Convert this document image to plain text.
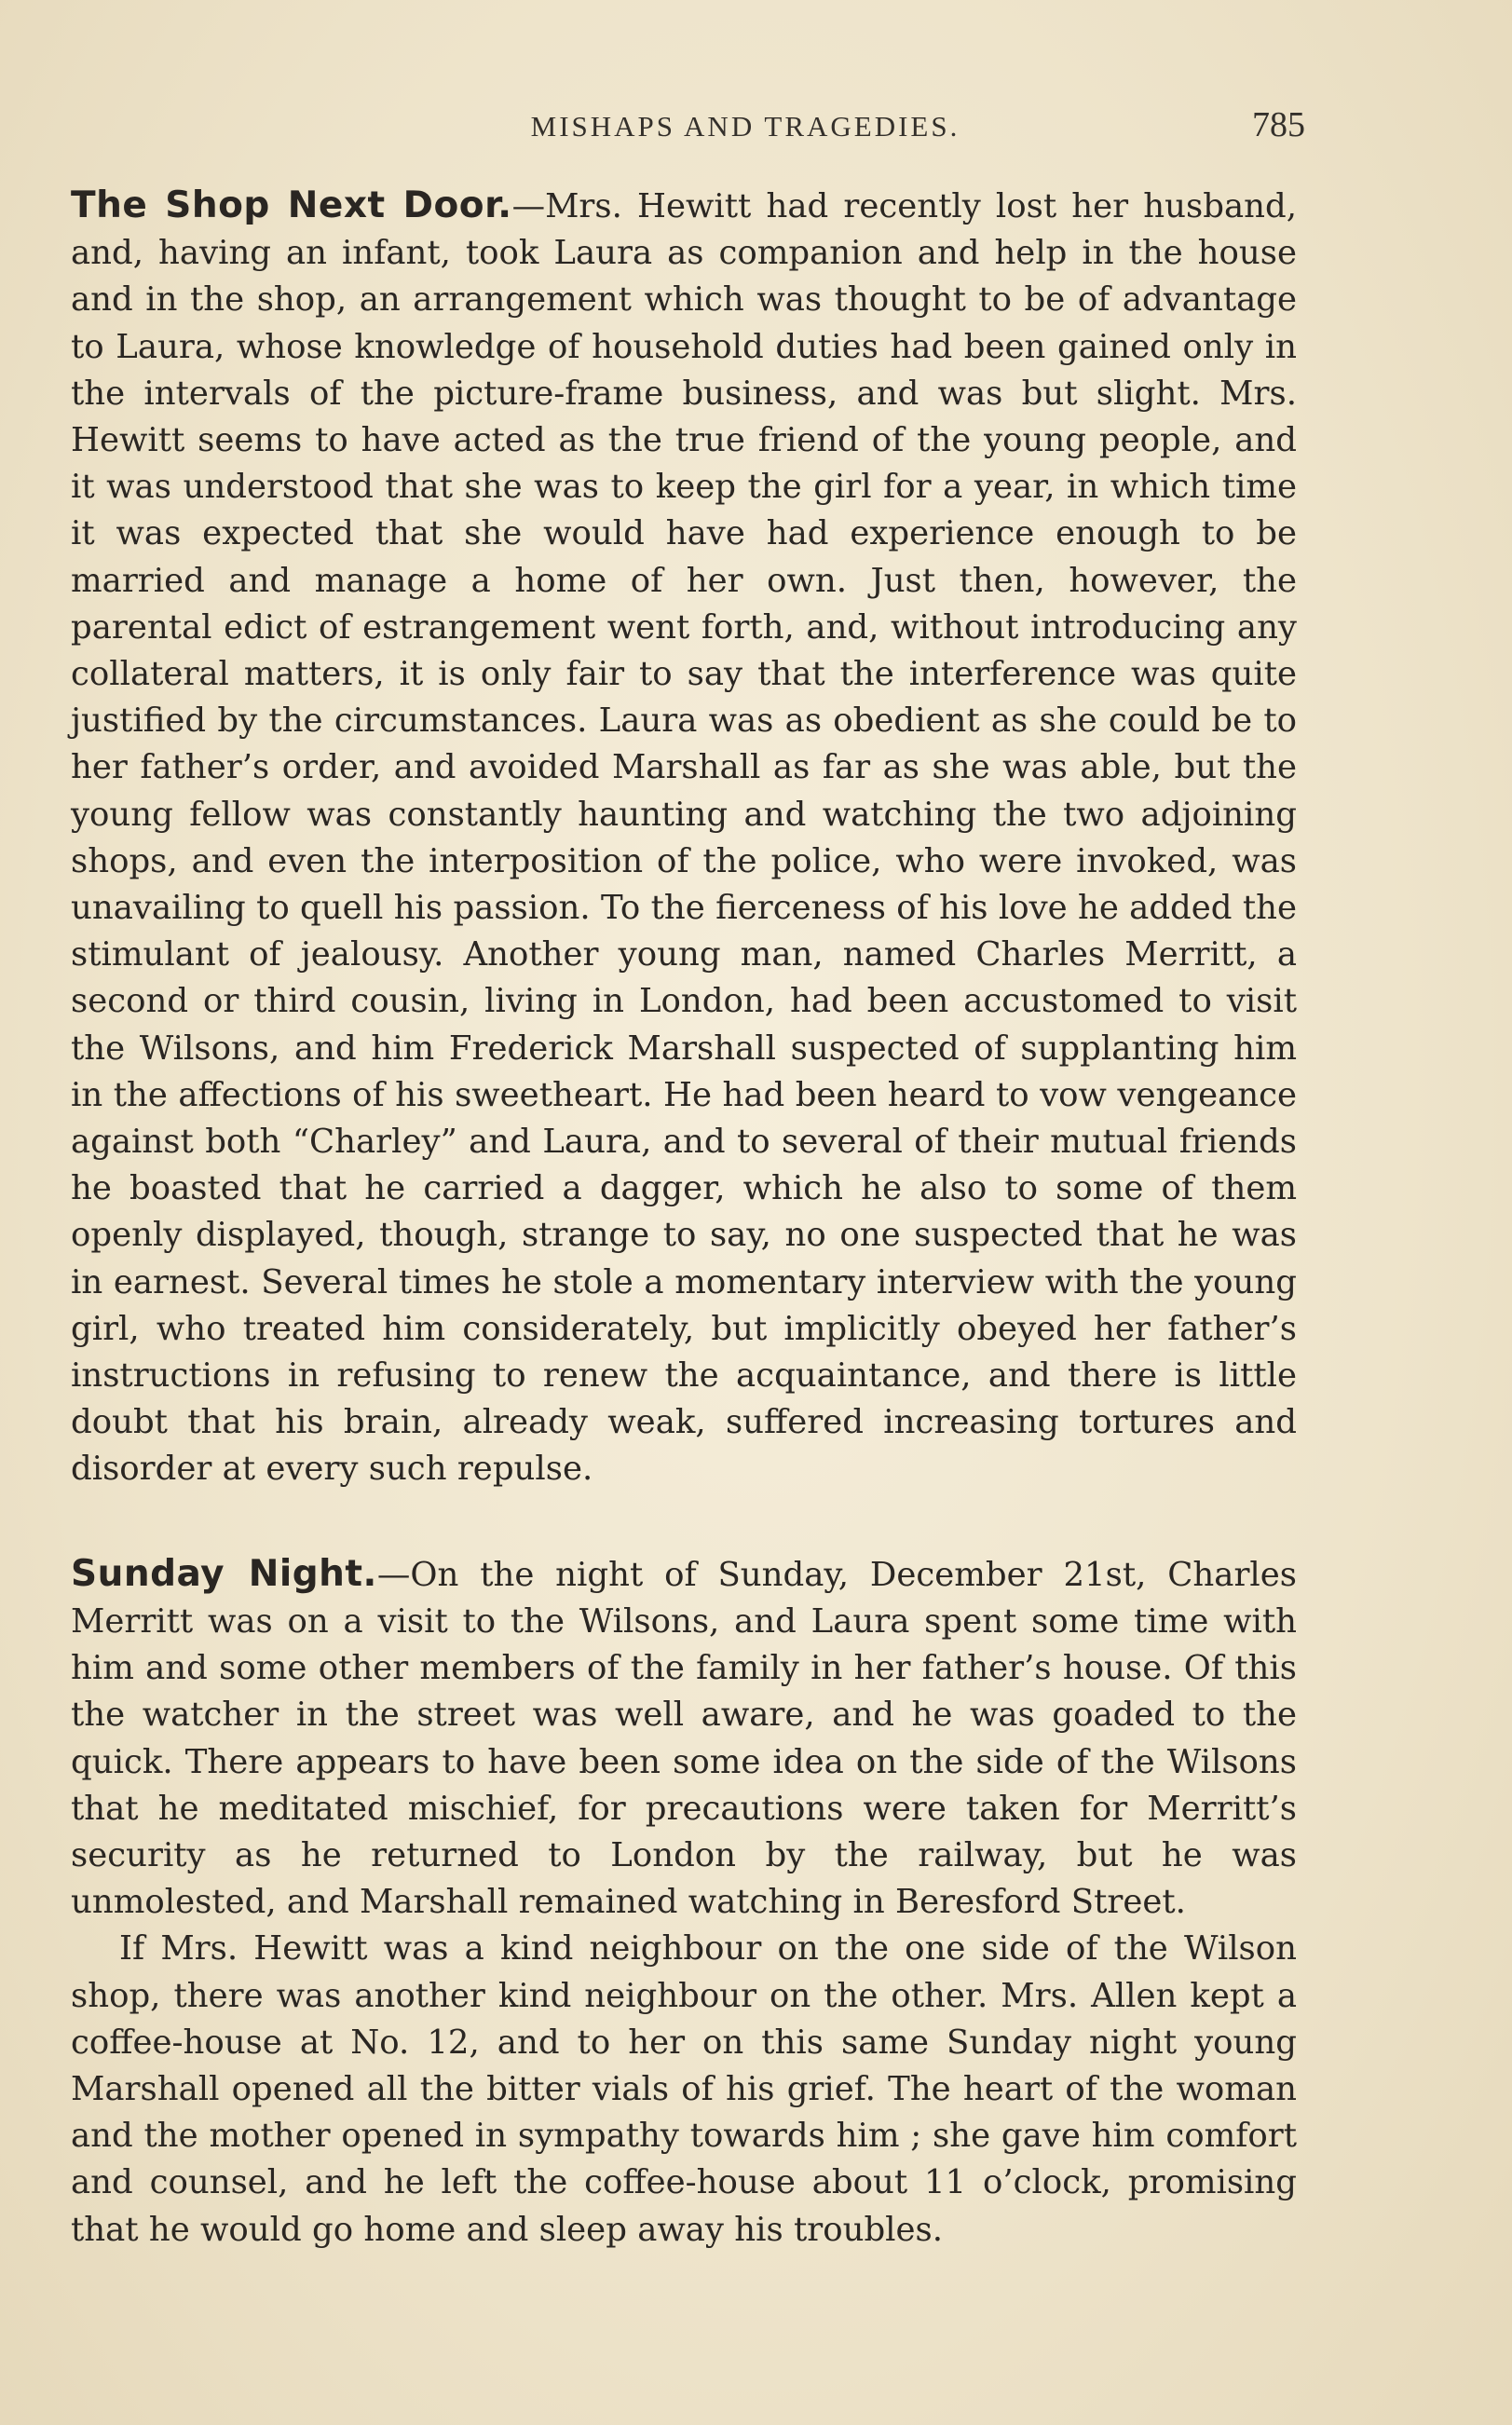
MISHAPS AND TRAGEDIES.	785

The Shop Next Door.—Mrs. Hewitt had recently lost her husband, and, having an infant, took Laura as companion and help in the house and in the shop, an arrangement which was thought to be of advantage to Laura, whose knowledge of household duties had been gained only in the intervals of the picture-frame business, and was but slight. Mrs. Hewitt seems to have acted as the true friend of the young people, and it was understood that she was to keep the girl for a year, in which time it was expected that she would have had experience enough to be married and manage a home of her own. Just then, however, the parental edict of estrangement went forth, and, without introducing any collateral matters, it is only fair to say that the interference was quite justified by the circumstances. Laura was as obedient as she could be to her father’s order, and avoided Marshall as far as she was able, but the young fellow was constantly haunting and watching the two adjoining shops, and even the interposition of the police, who were invoked, was unavailing to quell his passion. To the fierceness of his love he added the stimulant of jealousy. Another young man, named Charles Merritt, a second or third cousin, living in London, had been accustomed to visit the Wilsons, and him Frederick Marshall suspected of supplanting him in the affections of his sweetheart. He had been heard to vow vengeance against both “Charley” and Laura, and to several of their mutual friends he boasted that he carried a dagger, which he also to some of them openly displayed, though, strange to say, no one suspected that he was in earnest. Several times he stole a momentary interview with the young girl, who treated him considerately, but implicitly obeyed her father’s instructions in refusing to renew the acquaintance, and there is little doubt that his brain, already weak, suffered increasing tortures and disorder at every such repulse.

Sunday Night.—On the night of Sunday, December 21st, Charles Merritt was on a visit to the Wilsons, and Laura spent some time with him and some other members of the family in her father’s house. Of this the watcher in the street was well aware, and he was goaded to the quick. There appears to have been some idea on the side of the Wilsons that he meditated mischief, for precautions were taken for Merritt’s security as he returned to London by the railway, but he was unmolested, and Marshall remained watching in Beresford Street.

If Mrs. Hewitt was a kind neighbour on the one side of the Wilson shop, there was another kind neighbour on the other. Mrs. Allen kept a coffee-house at No. 12, and to her on this same Sunday night young Marshall opened all the bitter vials of his grief. The heart of the woman and the mother opened in sympathy towards him ; she gave him comfort and counsel, and he left the coffee-house about 11 o’clock, promising that he would go home and sleep away his troubles.
